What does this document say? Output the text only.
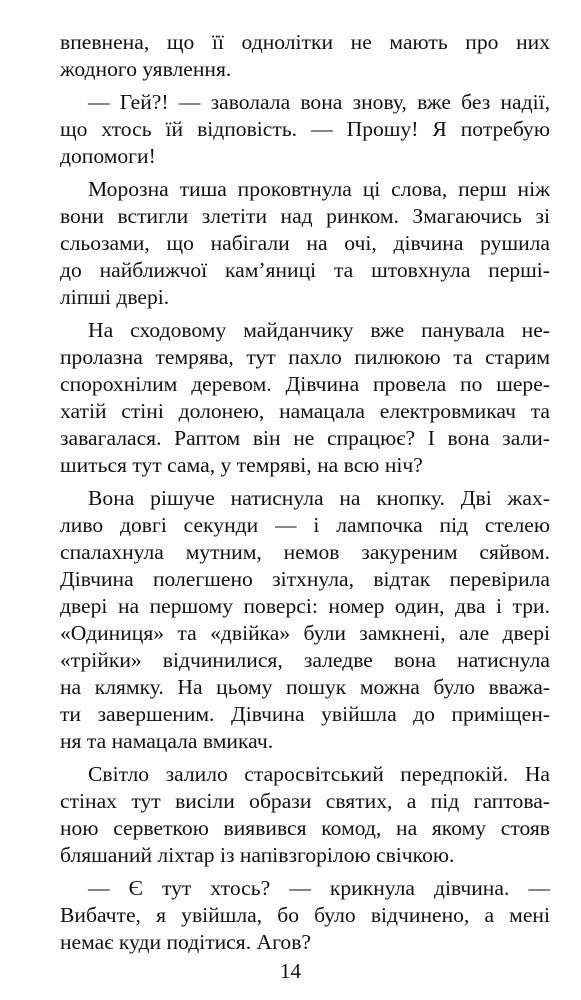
впевнена, що її однолітки не мають про них
жодного уявлення.

— Гей?! — заволала вона знову, вже без надії,
що хтось їй відповість. — Прошу! Я потребую
допомоги!

Морозна тиша проковтнула ці слова, перш ніж
вони встигли злетіти над ринком. Змагаючись зі
сльозами, що набігали на очі, дівчина рушила
до найближчої кам’яниці та штовхнула перші-
ліпші двері.

На сходовому майданчику вже панувала не-
пролазна темрява, тут пахло пилюкою та старим
спорохнілим деревом. Дівчина провела по шере-
хатій стіні долонею, намацала електровмикач та
завагалася. Раптом він не спрацює? І вона зали-
шиться тут сама, у темряві, на всю ніч?

Вона рішуче натиснула на кнопку. Дві жах-
ливо довгі секунди — і лампочка під стелею
спалахнула мутним, немов закуреним сяйвом.
Дівчина полегшено зітхнула, відтак перевірила
двері на першому поверсі: номер один, два і три.
«Одиниця» та «двійка» були замкнені, але двері
«трійки» відчинилися, заледве вона натиснула
на клямку. На цьому пошук можна було вважа-
ти завершеним. Дівчина увійшла до приміщен-
ня та намацала вмикач.

Світло залило старосвітський передпокій. На
стінах тут висіли образи святих, а під гаптова-
ною серветкою виявився комод, на якому стояв
бляшаний ліхтар із напівзгорілою свічкою.

— Є тут хтось? — крикнула дівчина. —
Вибачте, я увійшла, бо було відчинено, а мені
немає куди подітися. Агов?

14
